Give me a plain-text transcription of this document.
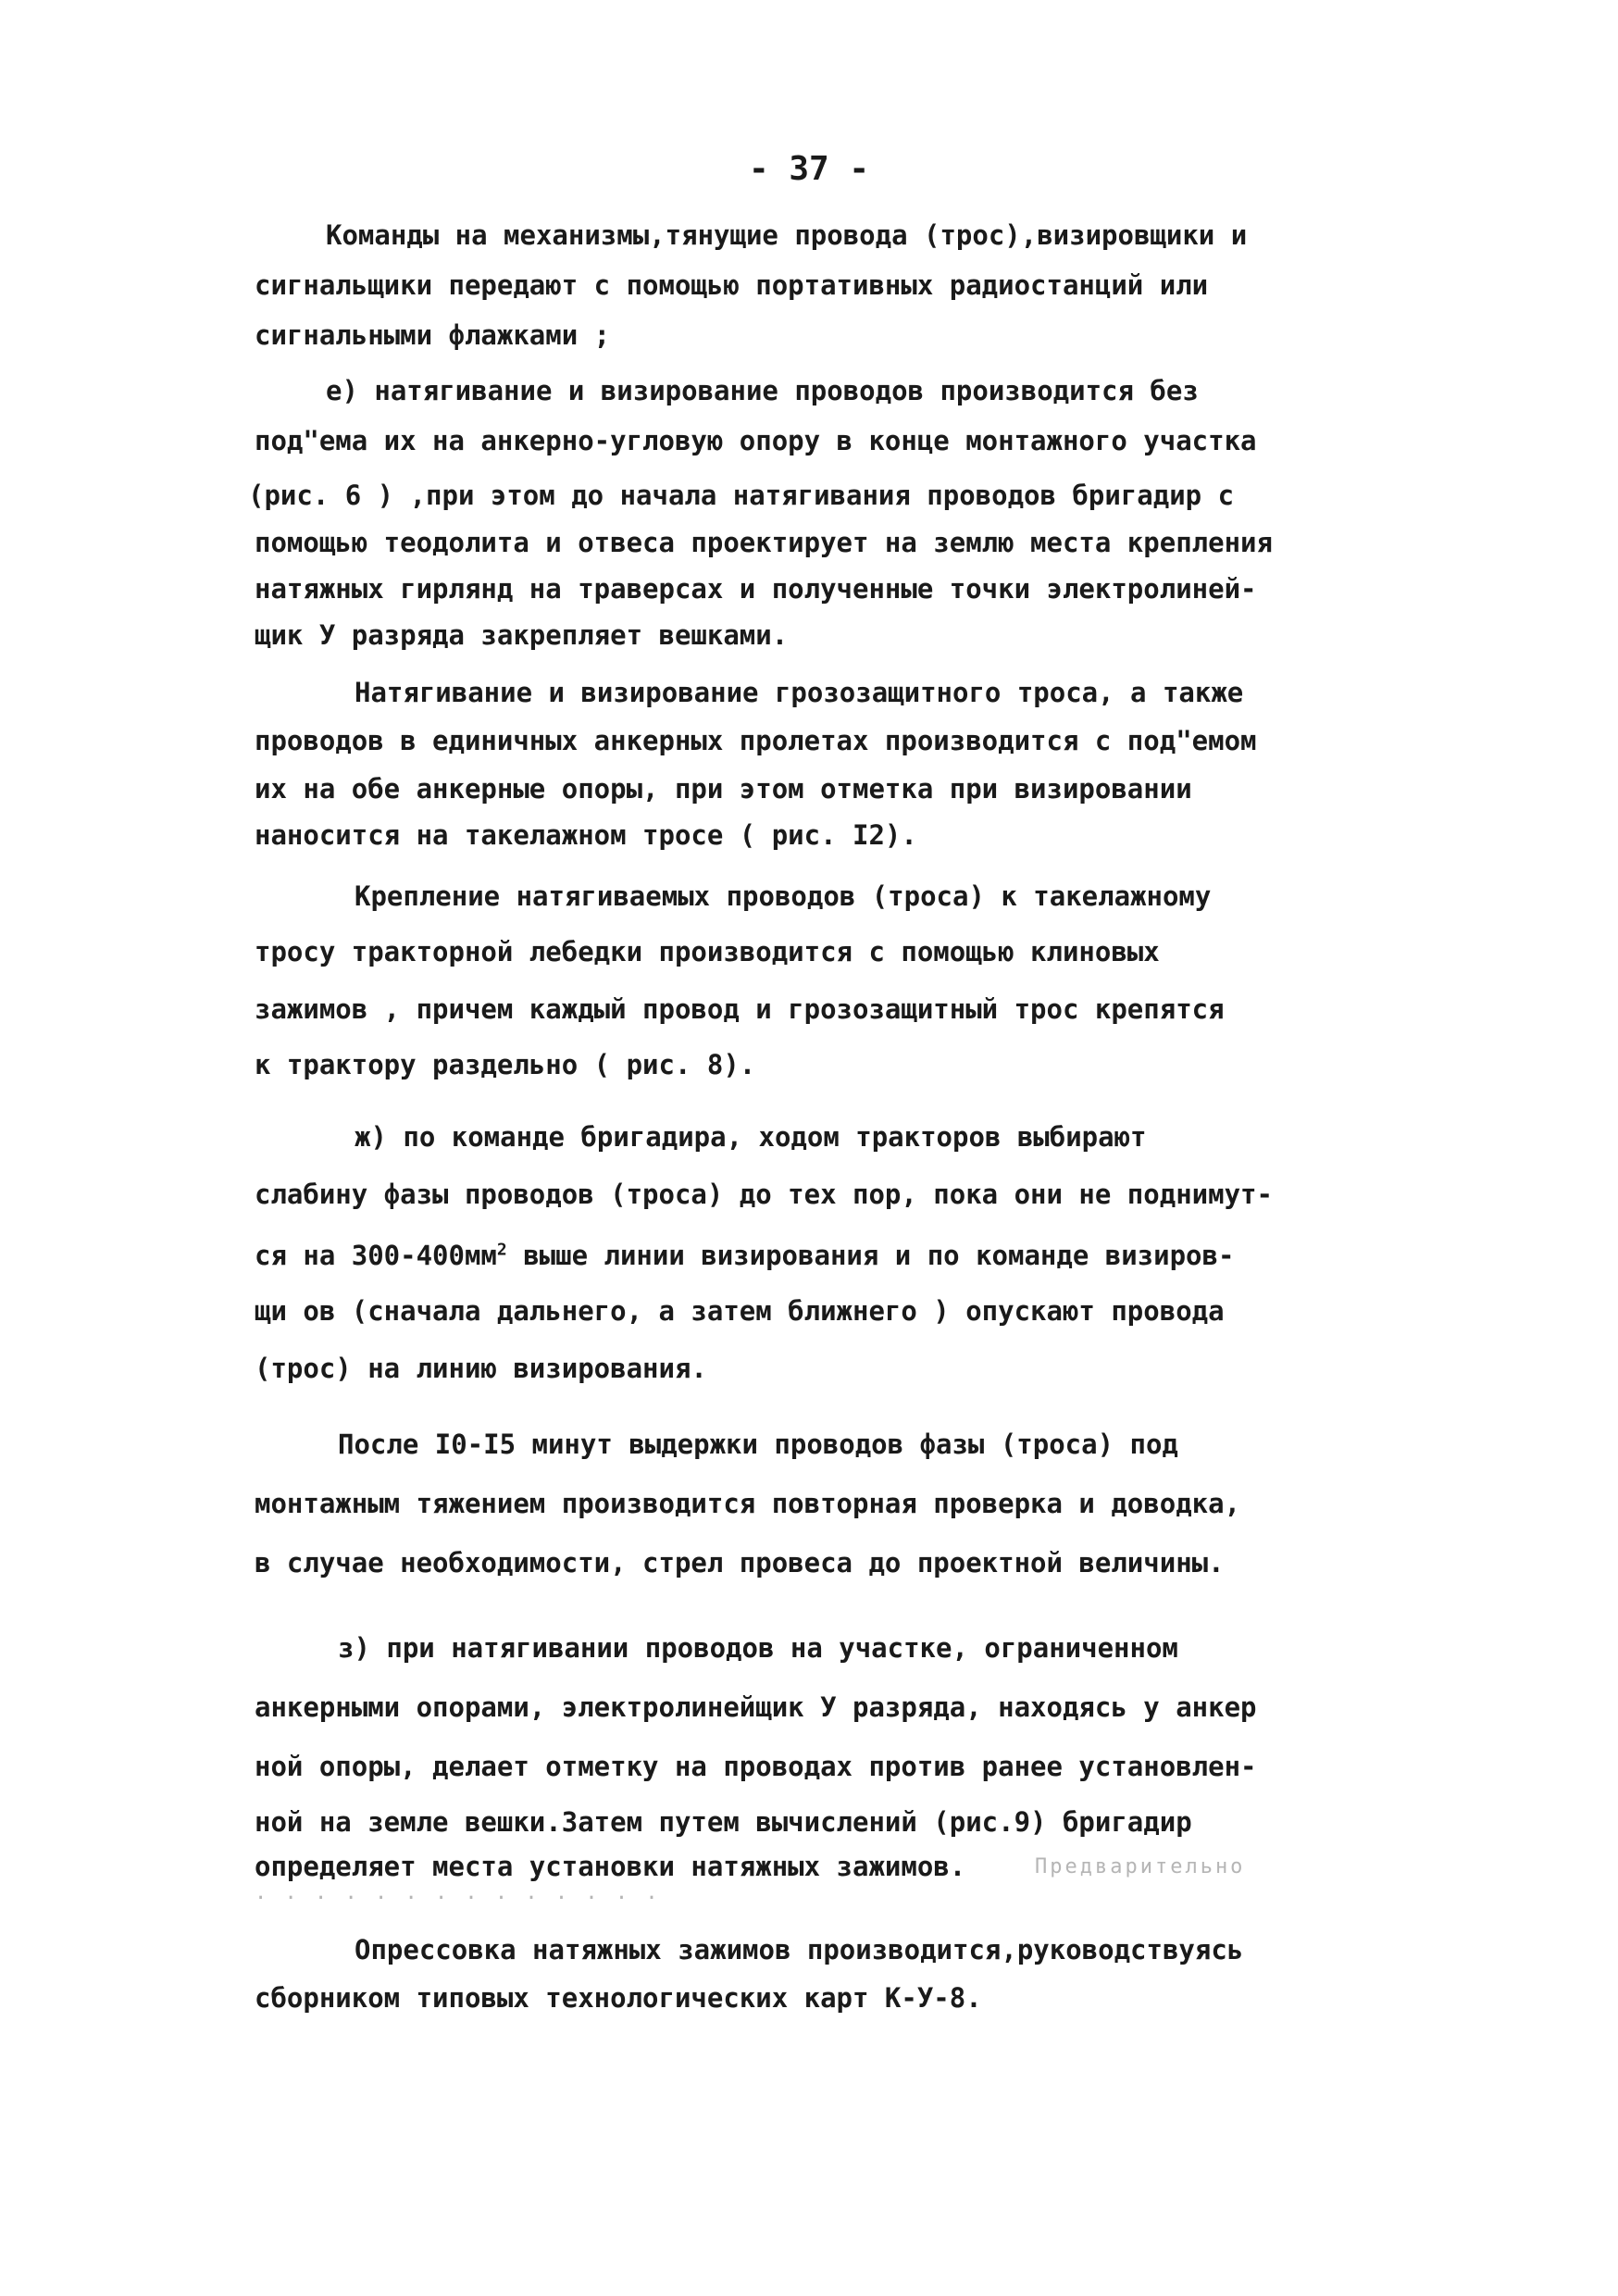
- 37 -
Команды на механизмы,тянущие провода (трос),визировщики и
сигнальщики передают с помощью портативных радиостанций или
сигнальными флажками ;
е) натягивание и визирование проводов производится без
под"ема их на анкерно-угловую опору в конце монтажного участка
(рис. 6 ) ,при этом до начала натягивания проводов бригадир с
помощью теодолита и отвеса проектирует на землю места крепления
натяжных гирлянд на траверсах и полученные точки электролиней-
щик У разряда закрепляет вешками.
Натягивание и визирование грозозащитного троса, а также
проводов в единичных анкерных пролетах производится с под"емом
их на обе анкерные опоры, при этом отметка при визировании
наносится на такелажном тросе ( рис. I2).
Крепление натягиваемых проводов (троса) к такелажному
тросу тракторной лебедки производится с помощью клиновых
зажимов , причем каждый провод и грозозащитный трос крепятся
к трактору раздельно ( рис. 8).
ж) по команде бригадира, ходом тракторов выбирают
слабину фазы проводов (троса) до тех пор, пока они не поднимут-
ся на $300-400мм^2$ выше линии визирования и по команде визиров-
щи ов (сначала дальнего, а затем ближнего ) опускают провода
(трос) на линию визирования.
После I0-I5 минут выдержки проводов фазы (троса) под
монтажным тяжением производится повторная проверка и доводка,
в случае необходимости, стрел провеса до проектной величины.
з) при натягивании проводов на участке, ограниченном
анкерными опорами, электролинейщик У разряда, находясь у анкер
ной опоры, делает отметку на проводах против ранее установлен-
ной на земле вешки.Затем путем вычислений (рис.9) бригадир
определяет места установки натяжных зажимов.
Опрессовка натяжных зажимов производится,руководствуясь
сборником типовых технологических карт К-У-8.
Предварительно
· · · · · · · · · · · · · ·
